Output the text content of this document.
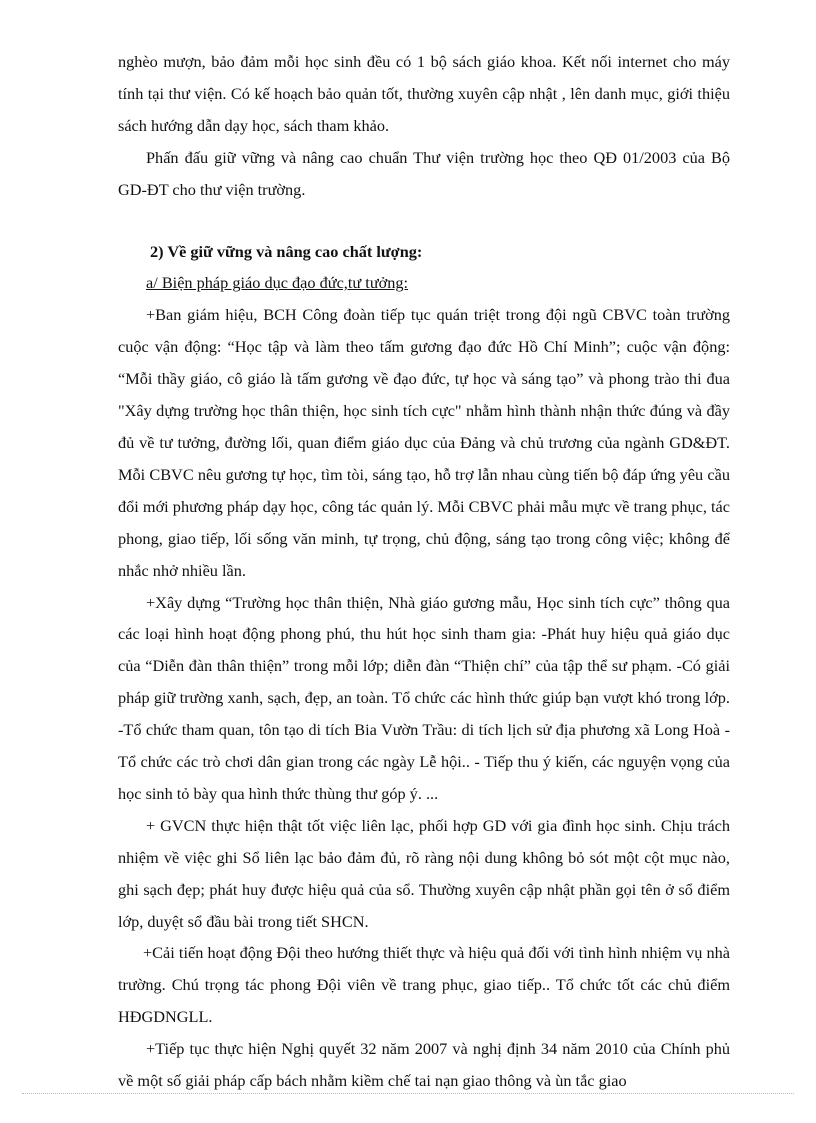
nghèo mượn, bảo đảm mỗi học sinh đều có 1 bộ sách giáo khoa. Kết nối internet cho máy tính tại thư viện. Có kế hoạch bảo quản tốt, thường xuyên cập nhật , lên danh mục, giới thiệu sách hướng dẫn dạy học, sách tham khảo.

Phấn đấu giữ vững và nâng cao chuẩn Thư viện trường học theo QĐ 01/2003 của Bộ GD-ĐT cho thư viện trường.

2) Về giữ vững và nâng cao chất lượng:

a/ Biện pháp giáo dục đạo đức,tư tưởng:

+Ban giám hiệu, BCH Công đoàn tiếp tục quán triệt trong đội ngũ CBVC toàn trường cuộc vận động: “Học tập và làm theo tấm gương đạo đức Hồ Chí Minh”; cuộc vận động: “Mỗi thầy giáo, cô giáo là tấm gương về đạo đức, tự học và sáng tạo” và phong trào thi đua "Xây dựng trường học thân thiện, học sinh tích cực" nhằm hình thành nhận thức đúng và đầy đủ về tư tưởng, đường lối, quan điểm giáo dục của Đảng và chủ trương của ngành GD&ĐT. Mỗi CBVC nêu gương tự học, tìm tòi, sáng tạo, hỗ trợ lẫn nhau cùng tiến bộ đáp ứng yêu cầu đổi mới phương pháp dạy học, công tác quản lý. Mỗi CBVC phải mẫu mực về trang phục, tác phong, giao tiếp, lối sống văn minh, tự trọng, chủ động, sáng tạo trong công việc; không để nhắc nhở nhiều lần.

+Xây dựng “Trường học thân thiện, Nhà giáo gương mẫu, Học sinh tích cực” thông qua các loại hình hoạt động phong phú, thu hút học sinh tham gia: -Phát huy hiệu quả giáo dục của “Diễn đàn thân thiện” trong mỗi lớp; diễn đàn “Thiện chí” của tập thể sư phạm. -Có giải pháp giữ trường xanh, sạch, đẹp, an toàn. Tổ chức các hình thức giúp bạn vượt khó trong lớp. -Tổ chức tham quan, tôn tạo di tích Bia Vườn Trầu: di tích lịch sử địa phương xã Long Hoà - Tổ chức các trò chơi dân gian trong các ngày Lễ hội.. - Tiếp thu ý kiến, các nguyện vọng của học sinh tỏ bày qua hình thức thùng thư góp ý. ...

+ GVCN thực hiện thật tốt việc liên lạc, phối hợp GD với gia đình học sinh. Chịu trách nhiệm về việc ghi Sổ liên lạc bảo đảm đủ, rõ ràng nội dung không bỏ sót một cột mục nào, ghi sạch đẹp; phát huy được hiệu quả của sổ. Thường xuyên cập nhật phần gọi tên ở sổ điểm lớp, duyệt sổ đầu bài trong tiết SHCN.

+Cải tiến hoạt động Đội theo hướng thiết thực và hiệu quả đối với tình hình nhiệm vụ nhà trường. Chú trọng tác phong Đội viên về trang phục, giao tiếp.. Tổ chức tốt các chủ điểm HĐGDNGLL.

+Tiếp tục thực hiện Nghị quyết 32 năm 2007 và nghị định 34 năm 2010 của Chính phủ về một số giải pháp cấp bách nhằm kiềm chế tai nạn giao thông và ùn tắc giao
